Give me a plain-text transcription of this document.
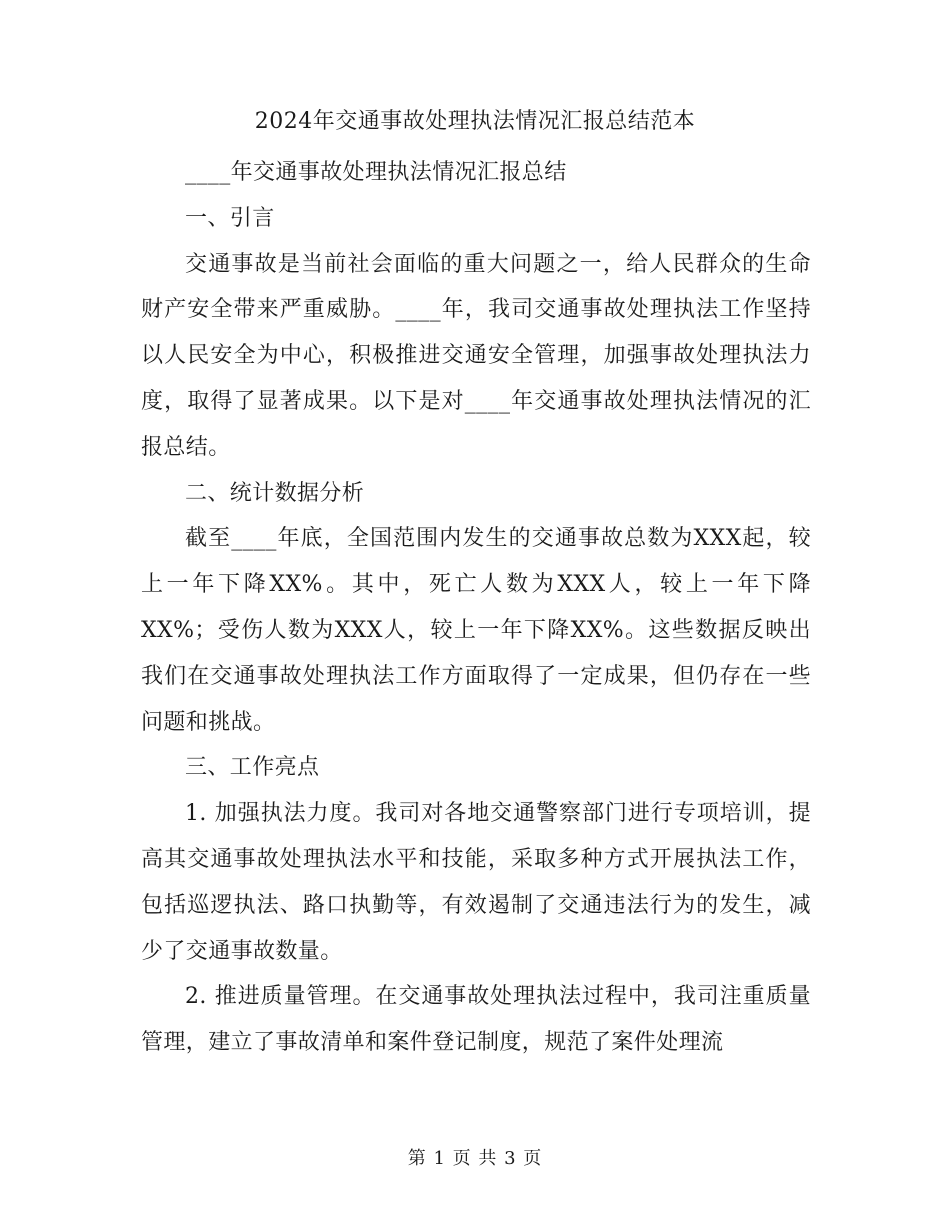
2024年交通事故处理执法情况汇报总结范本

____年交通事故处理执法情况汇报总结

一、引言

交通事故是当前社会面临的重大问题之一，给人民群众的生命财产安全带来严重威胁。____年，我司交通事故处理执法工作坚持以人民安全为中心，积极推进交通安全管理，加强事故处理执法力度，取得了显著成果。以下是对____年交通事故处理执法情况的汇报总结。

二、统计数据分析

截至____年底，全国范围内发生的交通事故总数为XXX起，较上一年下降XX%。其中，死亡人数为XXX人，较上一年下降XX%；受伤人数为XXX人，较上一年下降XX%。这些数据反映出我们在交通事故处理执法工作方面取得了一定成果，但仍存在一些问题和挑战。

三、工作亮点

1. 加强执法力度。我司对各地交通警察部门进行专项培训，提高其交通事故处理执法水平和技能，采取多种方式开展执法工作，包括巡逻执法、路口执勤等，有效遏制了交通违法行为的发生，减少了交通事故数量。

2. 推进质量管理。在交通事故处理执法过程中，我司注重质量管理，建立了事故清单和案件登记制度，规范了案件处理流

第 1 页 共 3 页
